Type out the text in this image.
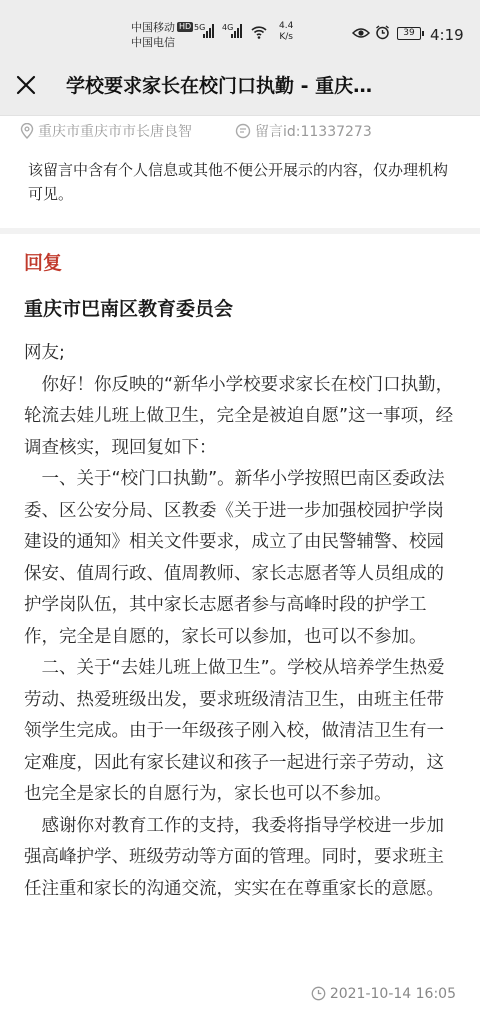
中国移动 HD
中国电信
5G 4G	4.4
K/s	39	4:19
学校要求家长在校门口执勤 - 重庆…
重庆市重庆市市长唐良智	留言id:11337273
该留言中含有个人信息或其他不便公开展示的内容，仅办理机构可见。
回复
重庆市巴南区教育委员会

网友;

　你好！你反映的“新华小学校要求家长在校门口执勤，轮流去娃儿班上做卫生，完全是被迫自愿”这一事项，经调查核实，现回复如下：

　一、关于“校门口执勤”。新华小学按照巴南区委政法委、区公安分局、区教委《关于进一步加强校园护学岗建设的通知》相关文件要求，成立了由民警辅警、校园保安、值周行政、值周教师、家长志愿者等人员组成的护学岗队伍，其中家长志愿者参与高峰时段的护学工作，完全是自愿的，家长可以参加，也可以不参加。

　二、关于“去娃儿班上做卫生”。学校从培养学生热爱劳动、热爱班级出发，要求班级清洁卫生，由班主任带领学生完成。由于一年级孩子刚入校，做清洁卫生有一定难度，因此有家长建议和孩子一起进行亲子劳动，这也完全是家长的自愿行为，家长也可以不参加。

　感谢你对教育工作的支持，我委将指导学校进一步加强高峰护学、班级劳动等方面的管理。同时，要求班主任注重和家长的沟通交流，实实在在尊重家长的意愿。

2021-10-14 16:05
